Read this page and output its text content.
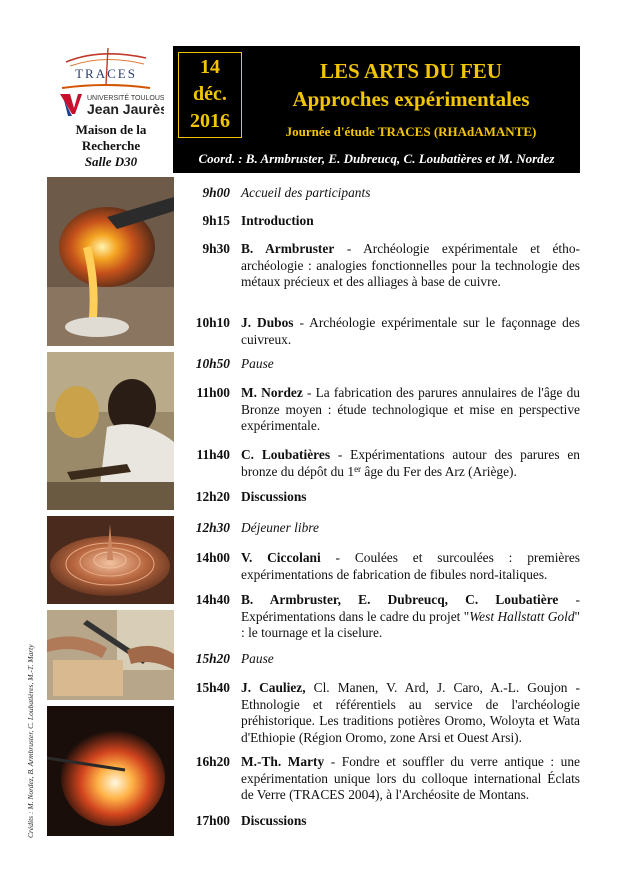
TRACES
UNIVERSITÉ TOULOUSE
Jean Jaurès
Maison de la
Recherche
Salle D30
14
déc.
2016
LES ARTS DU FEU
Approches expérimentales
Journée d'étude TRACES (RHAdAMANTE)
Coord. : B. Armbruster, E. Dubreucq, C. Loubatières et M. Nordez
Crédits : M. Nordez, B. Armbruster, C. Loubatières, M.-T. Marty
9h00 Accueil des participants
9h15 Introduction
9h30 B. Armbruster - Archéologie expérimentale et étho-archéologie : analogies fonctionnelles pour la technologie des métaux précieux et des alliages à base de cuivre.
10h10 J. Dubos - Archéologie expérimentale sur le façonnage des cuivreux.
10h50 Pause
11h00 M. Nordez - La fabrication des parures annulaires de l'âge du Bronze moyen : étude technologique et mise en perspective expérimentale.
11h40 C. Loubatières - Expérimentations autour des parures en bronze du dépôt du 1er âge du Fer des Arz (Ariège).
12h20 Discussions
12h30 Déjeuner libre
14h00 V. Ciccolani - Coulées et surcoulées : premières expérimentations de fabrication de fibules nord-italiques.
14h40 B. Armbruster, E. Dubreucq, C. Loubatière - Expérimentations dans le cadre du projet "West Hallstatt Gold" : le tournage et la ciselure.
15h20 Pause
15h40 J. Cauliez, Cl. Manen, V. Ard, J. Caro, A.-L. Goujon - Ethnologie et référentiels au service de l'archéologie préhistorique. Les traditions potières Oromo, Woloyta et Wata d'Ethiopie (Région Oromo, zone Arsi et Ouest Arsi).
16h20 M.-Th. Marty - Fondre et souffler du verre antique : une expérimentation unique lors du colloque international Éclats de Verre (TRACES 2004), à l'Archéosite de Montans.
17h00 Discussions
